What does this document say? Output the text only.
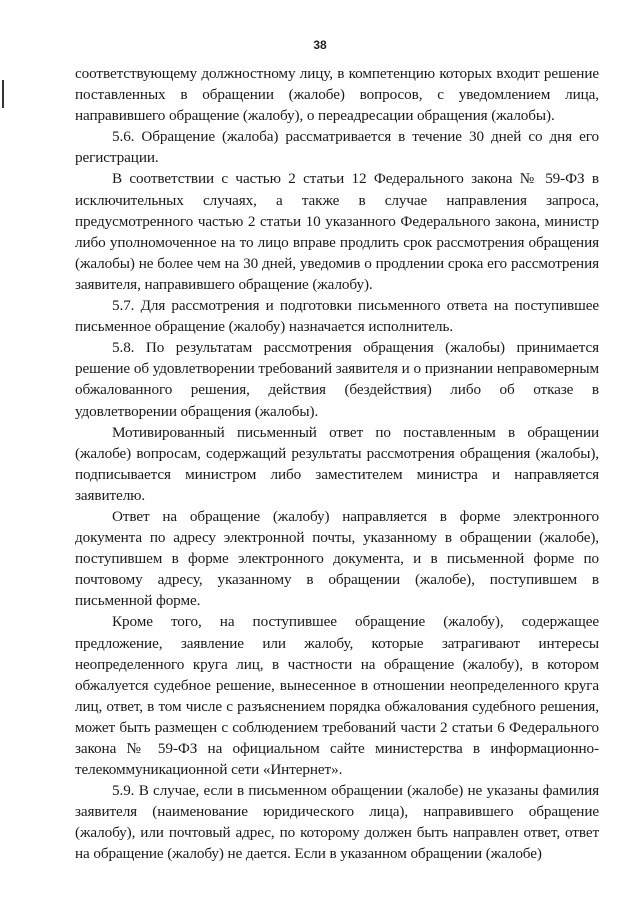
38

соответствующему должностному лицу, в компетенцию которых входит решение поставленных в обращении (жалобе) вопросов, с уведомлением лица, направившего обращение (жалобу), о переадресации обращения (жалобы).

5.6. Обращение (жалоба) рассматривается в течение 30 дней со дня его регистрации.

В соответствии с частью 2 статьи 12 Федерального закона № 59-ФЗ в исключительных случаях, а также в случае направления запроса, предусмотренного частью 2 статьи 10 указанного Федерального закона, министр либо уполномоченное на то лицо вправе продлить срок рассмотрения обращения (жалобы) не более чем на 30 дней, уведомив о продлении срока его рассмотрения заявителя, направившего обращение (жалобу).

5.7. Для рассмотрения и подготовки письменного ответа на поступившее письменное обращение (жалобу) назначается исполнитель.

5.8. По результатам рассмотрения обращения (жалобы) принимается решение об удовлетворении требований заявителя и о признании неправомерным обжалованного решения, действия (бездействия) либо об отказе в удовлетворении обращения (жалобы).

Мотивированный письменный ответ по поставленным в обращении (жалобе) вопросам, содержащий результаты рассмотрения обращения (жалобы), подписывается министром либо заместителем министра и направляется заявителю.

Ответ на обращение (жалобу) направляется в форме электронного документа по адресу электронной почты, указанному в обращении (жалобе), поступившем в форме электронного документа, и в письменной форме по почтовому адресу, указанному в обращении (жалобе), поступившем в письменной форме.

Кроме того, на поступившее обращение (жалобу), содержащее предложение, заявление или жалобу, которые затрагивают интересы неопределенного круга лиц, в частности на обращение (жалобу), в котором обжалуется судебное решение, вынесенное в отношении неопределенного круга лиц, ответ, в том числе с разъяснением порядка обжалования судебного решения, может быть размещен с соблюдением требований части 2 статьи 6 Федерального закона № 59-ФЗ на официальном сайте министерства в информационно-телекоммуникационной сети «Интернет».

5.9. В случае, если в письменном обращении (жалобе) не указаны фамилия заявителя (наименование юридического лица), направившего обращение (жалобу), или почтовый адрес, по которому должен быть направлен ответ, ответ на обращение (жалобу) не дается. Если в указанном обращении (жалобе)
